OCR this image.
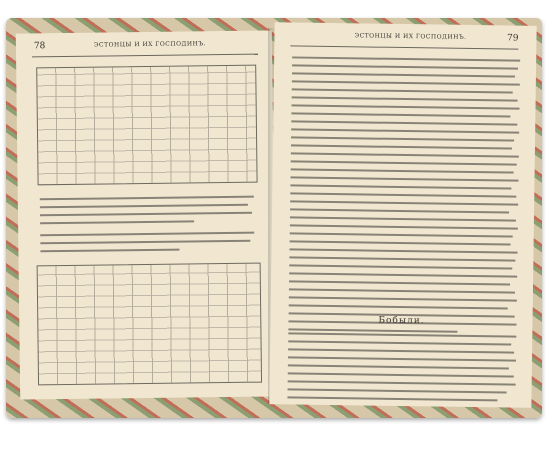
78	ЭСТОНЦЫ И ИХ ГОСПОДИНЪ.
ЭСТОНЦЫ И ИХ ГОСПОДИНЪ.	79
Бобыли.
